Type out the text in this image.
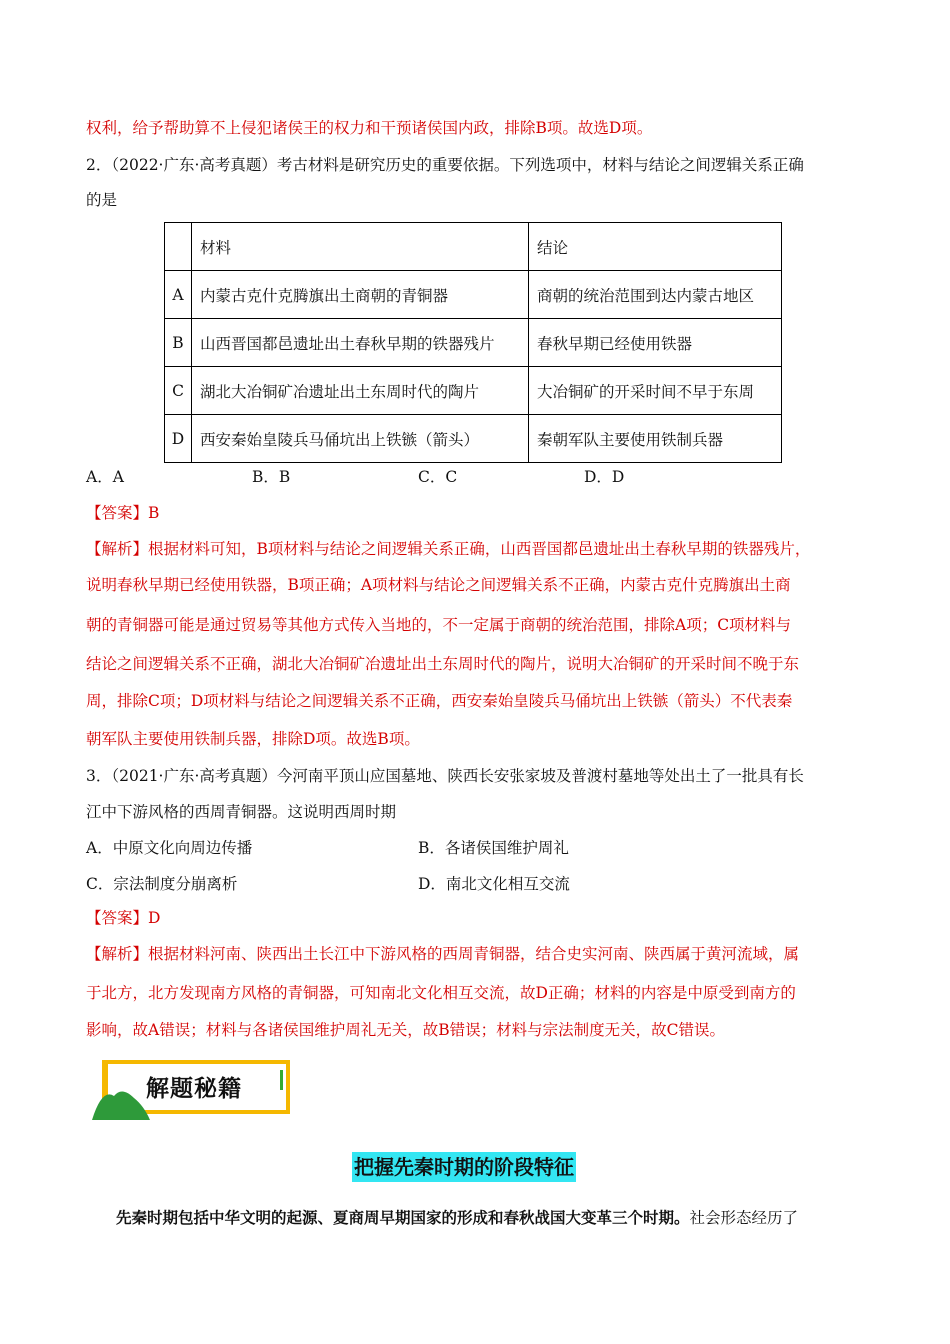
权利，给予帮助算不上侵犯诸侯王的权力和干预诸侯国内政，排除B项。故选D项。
2．（2022·广东·高考真题）考古材料是研究历史的重要依据。下列选项中，材料与结论之间逻辑关系正确
的是
	材料	结论
A	内蒙古克什克腾旗出土商朝的青铜器	商朝的统治范围到达内蒙古地区
B	山西晋国都邑遗址出土春秋早期的铁器残片	春秋早期已经使用铁器
C	湖北大冶铜矿冶遗址出土东周时代的陶片	大冶铜矿的开采时间不早于东周
D	西安秦始皇陵兵马俑坑出上铁镞（箭头）	秦朝军队主要使用铁制兵器
A．A	B．B	C．C	D．D
【答案】B
【解析】根据材料可知，B项材料与结论之间逻辑关系正确，山西晋国都邑遗址出土春秋早期的铁器残片，
说明春秋早期已经使用铁器，B项正确；A项材料与结论之间逻辑关系不正确，内蒙古克什克腾旗出土商
朝的青铜器可能是通过贸易等其他方式传入当地的，不一定属于商朝的统治范围，排除A项；C项材料与
结论之间逻辑关系不正确，湖北大冶铜矿冶遗址出土东周时代的陶片，说明大冶铜矿的开采时间不晚于东
周，排除C项；D项材料与结论之间逻辑关系不正确，西安秦始皇陵兵马俑坑出上铁镞（箭头）不代表秦
朝军队主要使用铁制兵器，排除D项。故选B项。
3．（2021·广东·高考真题）今河南平顶山应国墓地、陕西长安张家坡及普渡村墓地等处出土了一批具有长
江中下游风格的西周青铜器。这说明西周时期
A．中原文化向周边传播	B．各诸侯国维护周礼
C．宗法制度分崩离析	D．南北文化相互交流
【答案】D
【解析】根据材料河南、陕西出土长江中下游风格的西周青铜器，结合史实河南、陕西属于黄河流域，属
于北方，北方发现南方风格的青铜器，可知南北文化相互交流，故D正确；材料的内容是中原受到南方的
影响，故A错误；材料与各诸侯国维护周礼无关，故B错误；材料与宗法制度无关，故C错误。
解题秘籍
把握先秦时期的阶段特征
先秦时期包括中华文明的起源、夏商周早期国家的形成和春秋战国大变革三个时期。社会形态经历了
